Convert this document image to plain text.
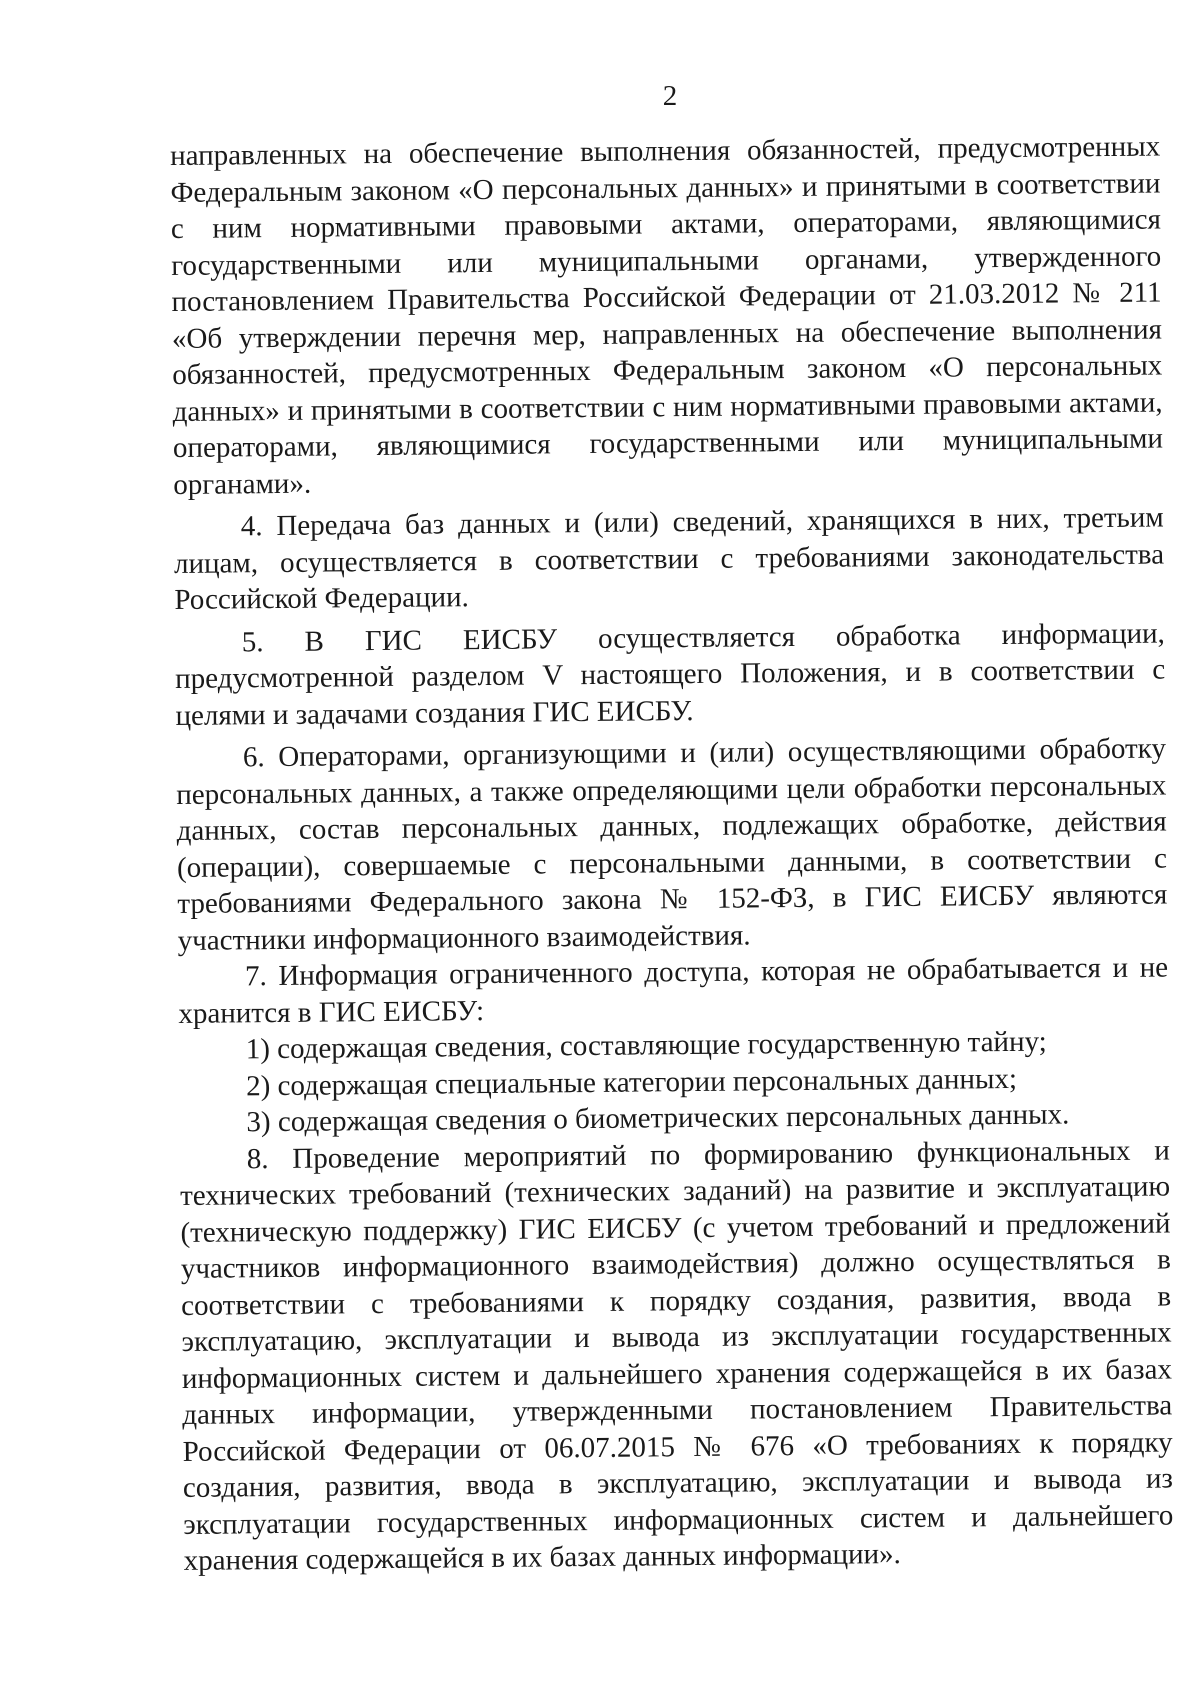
2

направленных на обеспечение выполнения обязанностей, предусмотренных Федеральным законом «О персональных данных» и принятыми в соответствии с ним нормативными правовыми актами, операторами, являющимися государственными или муниципальными органами, утвержденного постановлением Правительства Российской Федерации от 21.03.2012 № 211 «Об утверждении перечня мер, направленных на обеспечение выполнения обязанностей, предусмотренных Федеральным законом «О персональных данных» и принятыми в соответствии с ним нормативными правовыми актами, операторами, являющимися государственными или муниципальными органами».

4. Передача баз данных и (или) сведений, хранящихся в них, третьим лицам, осуществляется в соответствии с требованиями законодательства Российской Федерации.

5. В ГИС ЕИСБУ осуществляется обработка информации, предусмотренной разделом V настоящего Положения, и в соответствии с целями и задачами создания ГИС ЕИСБУ.

6. Операторами, организующими и (или) осуществляющими обработку персональных данных, а также определяющими цели обработки персональных данных, состав персональных данных, подлежащих обработке, действия (операции), совершаемые с персональными данными, в соответствии с требованиями Федерального закона № 152-ФЗ, в ГИС ЕИСБУ являются участники информационного взаимодействия.

7. Информация ограниченного доступа, которая не обрабатывается и не хранится в ГИС ЕИСБУ:

1) содержащая сведения, составляющие государственную тайну;

2) содержащая специальные категории персональных данных;

3) содержащая сведения о биометрических персональных данных.

8. Проведение мероприятий по формированию функциональных и технических требований (технических заданий) на развитие и эксплуатацию (техническую поддержку) ГИС ЕИСБУ (с учетом требований и предложений участников информационного взаимодействия) должно осуществляться в соответствии с требованиями к порядку создания, развития, ввода в эксплуатацию, эксплуатации и вывода из эксплуатации государственных информационных систем и дальнейшего хранения содержащейся в их базах данных информации, утвержденными постановлением Правительства Российской Федерации от 06.07.2015 № 676 «О требованиях к порядку создания, развития, ввода в эксплуатацию, эксплуатации и вывода из эксплуатации государственных информационных систем и дальнейшего хранения содержащейся в их базах данных информации».
